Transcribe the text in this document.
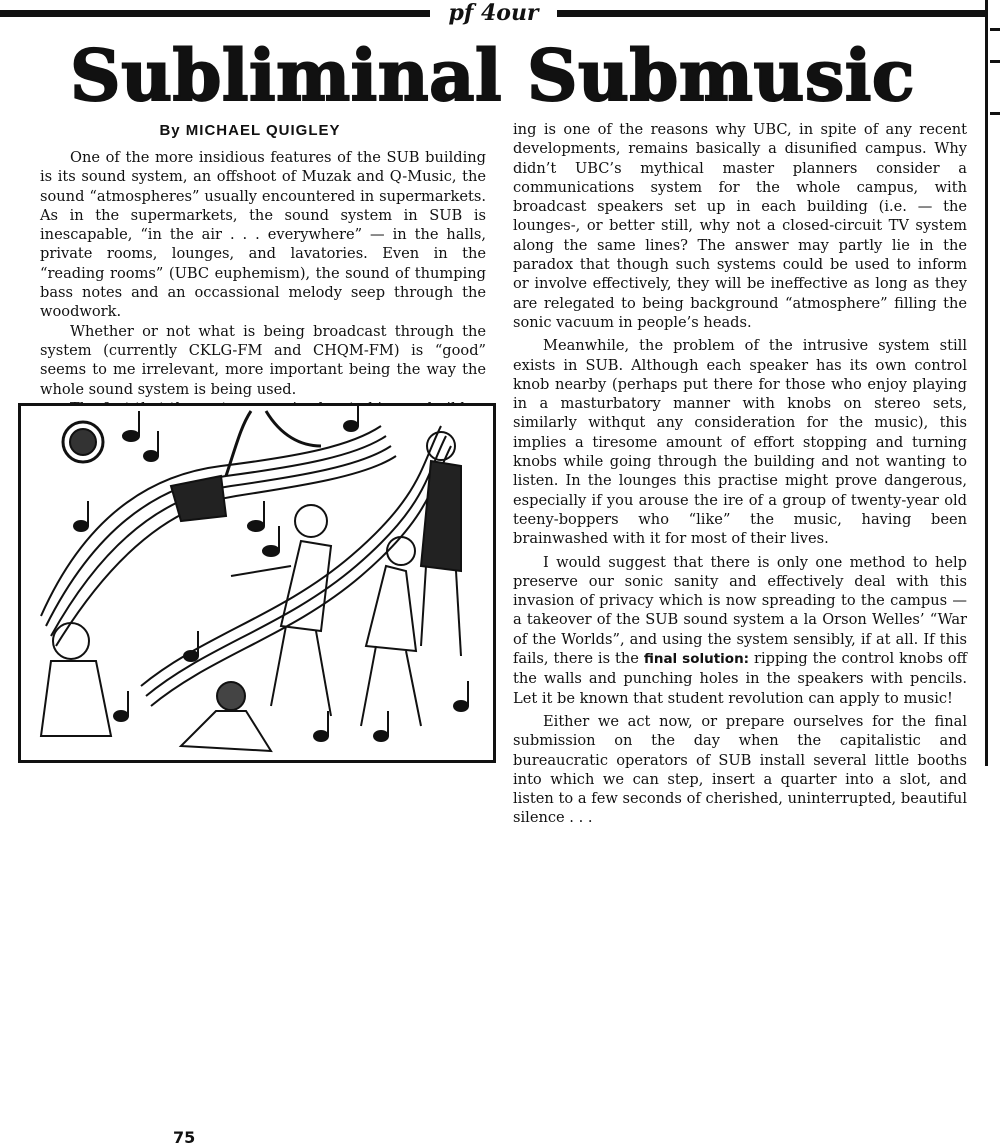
pf 4our
Subliminal Submusic
By MICHAEL QUIGLEY

One of the more insidious features of the SUB building is its sound system, an offshoot of Muzak and Q-Music, the sound “atmospheres” usually encountered in supermarkets. As in the supermarkets, the sound system in SUB is inescapable, “in the air . . . everywhere” — in the halls, private rooms, lounges, and lavatories. Even in the “reading rooms” (UBC euphemism), the sound of thumping bass notes and an occassional melody seep through the woodwork.

Whether or not what is being broadcast through the system (currently CKLG-FM and CHQM-FM) is “good” seems to me irrelevant, more important being the way the whole sound system is being used.

ing is one of the reasons why UBC, in spite of any recent developments, remains basically a disunified campus. Why didn’t UBC’s mythical master planners consider a communications system for the whole campus, with broadcast speakers set up in each building (i.e. — the lounges-, or better still, why not a closed-circuit TV system along the same lines? The answer may partly lie in the paradox that though such systems could be used to inform or involve effectively, they will be ineffective as long as they are relegated to being background “atmosphere” filling the sonic vacuum in people’s heads.

Meanwhile, the problem of the intrusive system still exists in SUB. Although each speaker has its own control knob nearby (perhaps put there for those who enjoy playing in a masturbatory manner with knobs on stereo sets, similarly withqut any consideration for the music), this implies a tiresome amount of effort stopping and turning knobs while going through the building and not wanting to listen. In the lounges this practise might prove dangerous, especially if you arouse the ire of a group of twenty-year old teeny-boppers who “like” the music, having been brainwashed with it for most of their lives.

I would suggest that there is only one method to help preserve our sonic sanity and effectively deal with this invasion of privacy which is now spreading to the campus — a takeover of the SUB sound system a la Orson Welles’ “War of the Worlds”, and using the system sensibly, if at all. If this fails, there is the final solution: ripping the control knobs off the walls and punching holes in the speakers with pencils. Let it be known that student revolution can apply to music!

Either we act now, or prepare ourselves for the final submission on the day when the capitalistic and bureaucratic operators of SUB install several little booths into which we can step, insert a quarter into a slot, and listen to a few seconds of cherished, uninterrupted, beautiful silence . . .

75
